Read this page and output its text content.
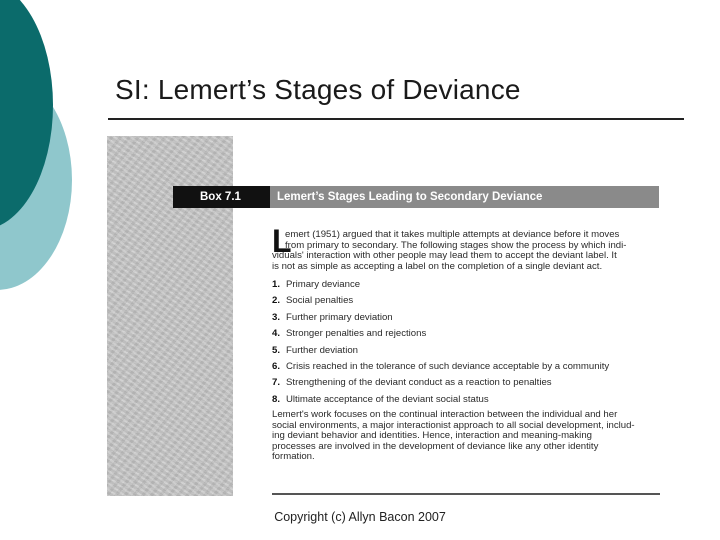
SI: Lemert’s Stages of Deviance
Box 7.1	Lemert’s Stages Leading to Secondary Deviance

L
emert (1951) argued that it takes multiple attempts at deviance before it moves
from primary to secondary. The following stages show the process by which indi-
viduals' interaction with other people may lead them to accept the deviant label. It
is not as simple as accepting a label on the completion of a single deviant act.

1. Primary deviance
2. Social penalties
3. Further primary deviation
4. Stronger penalties and rejections
5. Further deviation
6. Crisis reached in the tolerance of such deviance acceptable by a community
7. Strengthening of the deviant conduct as a reaction to penalties
8. Ultimate acceptance of the deviant social status

Lemert's work focuses on the continual interaction between the individual and her
social environments, a major interactionist approach to all social development, includ-
ing deviant behavior and identities. Hence, interaction and meaning-making
processes are involved in the development of deviance like any other identity
formation.

Copyright (c) Allyn Bacon 2007
